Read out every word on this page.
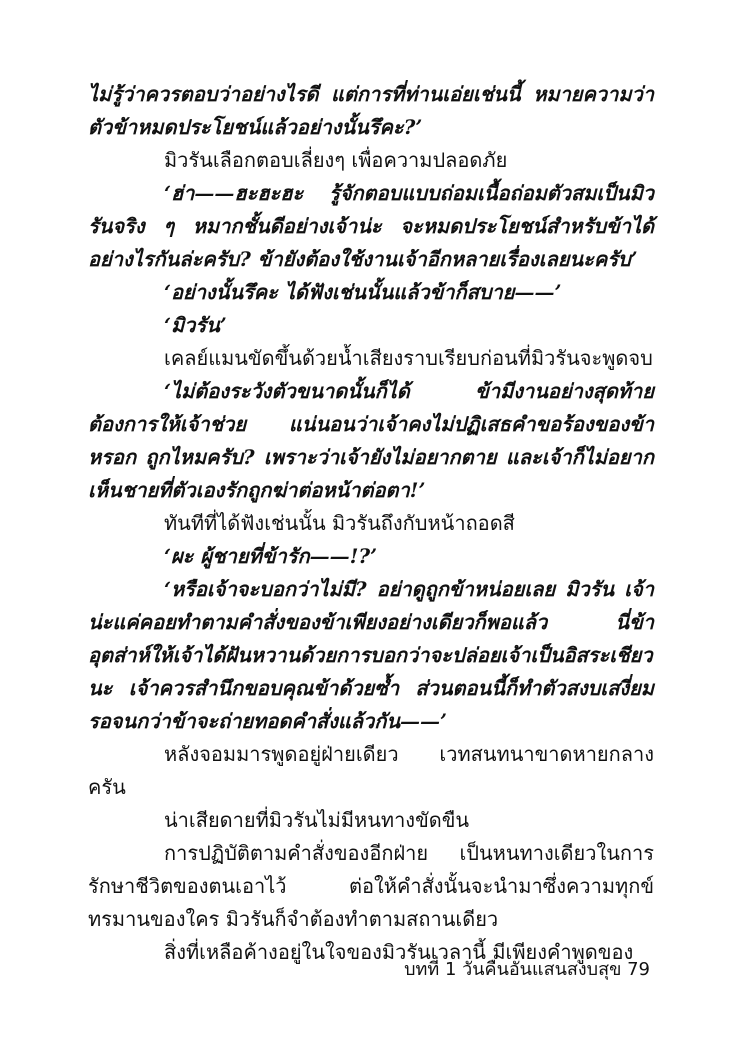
ไม่รู้ว่าควรตอบว่าอย่างไรดี แต่การที่ท่านเอ่ยเช่นนี้ หมายความว่าตัวข้าหมดประโยชน์แล้วอย่างนั้นรึคะ?’

มิวรันเลือกตอบเลี่ยงๆ เพื่อความปลอดภัย

‘ฮ่า——ฮะฮะฮะ รู้จักตอบแบบถ่อมเนื้อถ่อมตัวสมเป็นมิวรันจริง ๆ หมากชั้นดีอย่างเจ้าน่ะ จะหมดประโยชน์สำหรับข้าได้อย่างไรกันล่ะครับ? ข้ายังต้องใช้งานเจ้าอีกหลายเรื่องเลยนะครับ’

‘อย่างนั้นรึคะ ได้ฟังเช่นนั้นแล้วข้าก็สบาย——’

‘มิวรัน’

เคลย์แมนขัดขึ้นด้วยน้ำเสียงราบเรียบก่อนที่มิวรันจะพูดจบ

‘ไม่ต้องระวังตัวขนาดนั้นก็ได้ ข้ามีงานอย่างสุดท้ายต้องการให้เจ้าช่วย แน่นอนว่าเจ้าคงไม่ปฏิเสธคำขอร้องของข้าหรอก ถูกไหมครับ? เพราะว่าเจ้ายังไม่อยากตาย และเจ้าก็ไม่อยากเห็นชายที่ตัวเองรักถูกฆ่าต่อหน้าต่อตา!’

ทันทีที่ได้ฟังเช่นนั้น มิวรันถึงกับหน้าถอดสี

‘ผะ ผู้ชายที่ข้ารัก——!?’

‘หรือเจ้าจะบอกว่าไม่มี? อย่าดูถูกข้าหน่อยเลย มิวรัน เจ้าน่ะแค่คอยทำตามคำสั่งของข้าเพียงอย่างเดียวก็พอแล้ว นี่ข้าอุตส่าห์ให้เจ้าได้ฝันหวานด้วยการบอกว่าจะปล่อยเจ้าเป็นอิสระเชียวนะ เจ้าควรสำนึกขอบคุณข้าด้วยซ้ำ ส่วนตอนนี้ก็ทำตัวสงบเสงี่ยมรอจนกว่าข้าจะถ่ายทอดคำสั่งแล้วกัน——’

หลังจอมมารพูดอยู่ฝ่ายเดียว เวทสนทนาขาดหายกลางครัน

น่าเสียดายที่มิวรันไม่มีหนทางขัดขืน

การปฏิบัติตามคำสั่งของอีกฝ่าย เป็นหนทางเดียวในการรักษาชีวิตของตนเอาไว้ ต่อให้คำสั่งนั้นจะนำมาซึ่งความทุกข์ทรมานของใคร มิวรันก็จำต้องทำตามสถานเดียว

สิ่งที่เหลือค้างอยู่ในใจของมิวรันเวลานี้ มีเพียงคำพูดของ

บทที่ 1 วันคืนอันแสนสงบสุข 79
